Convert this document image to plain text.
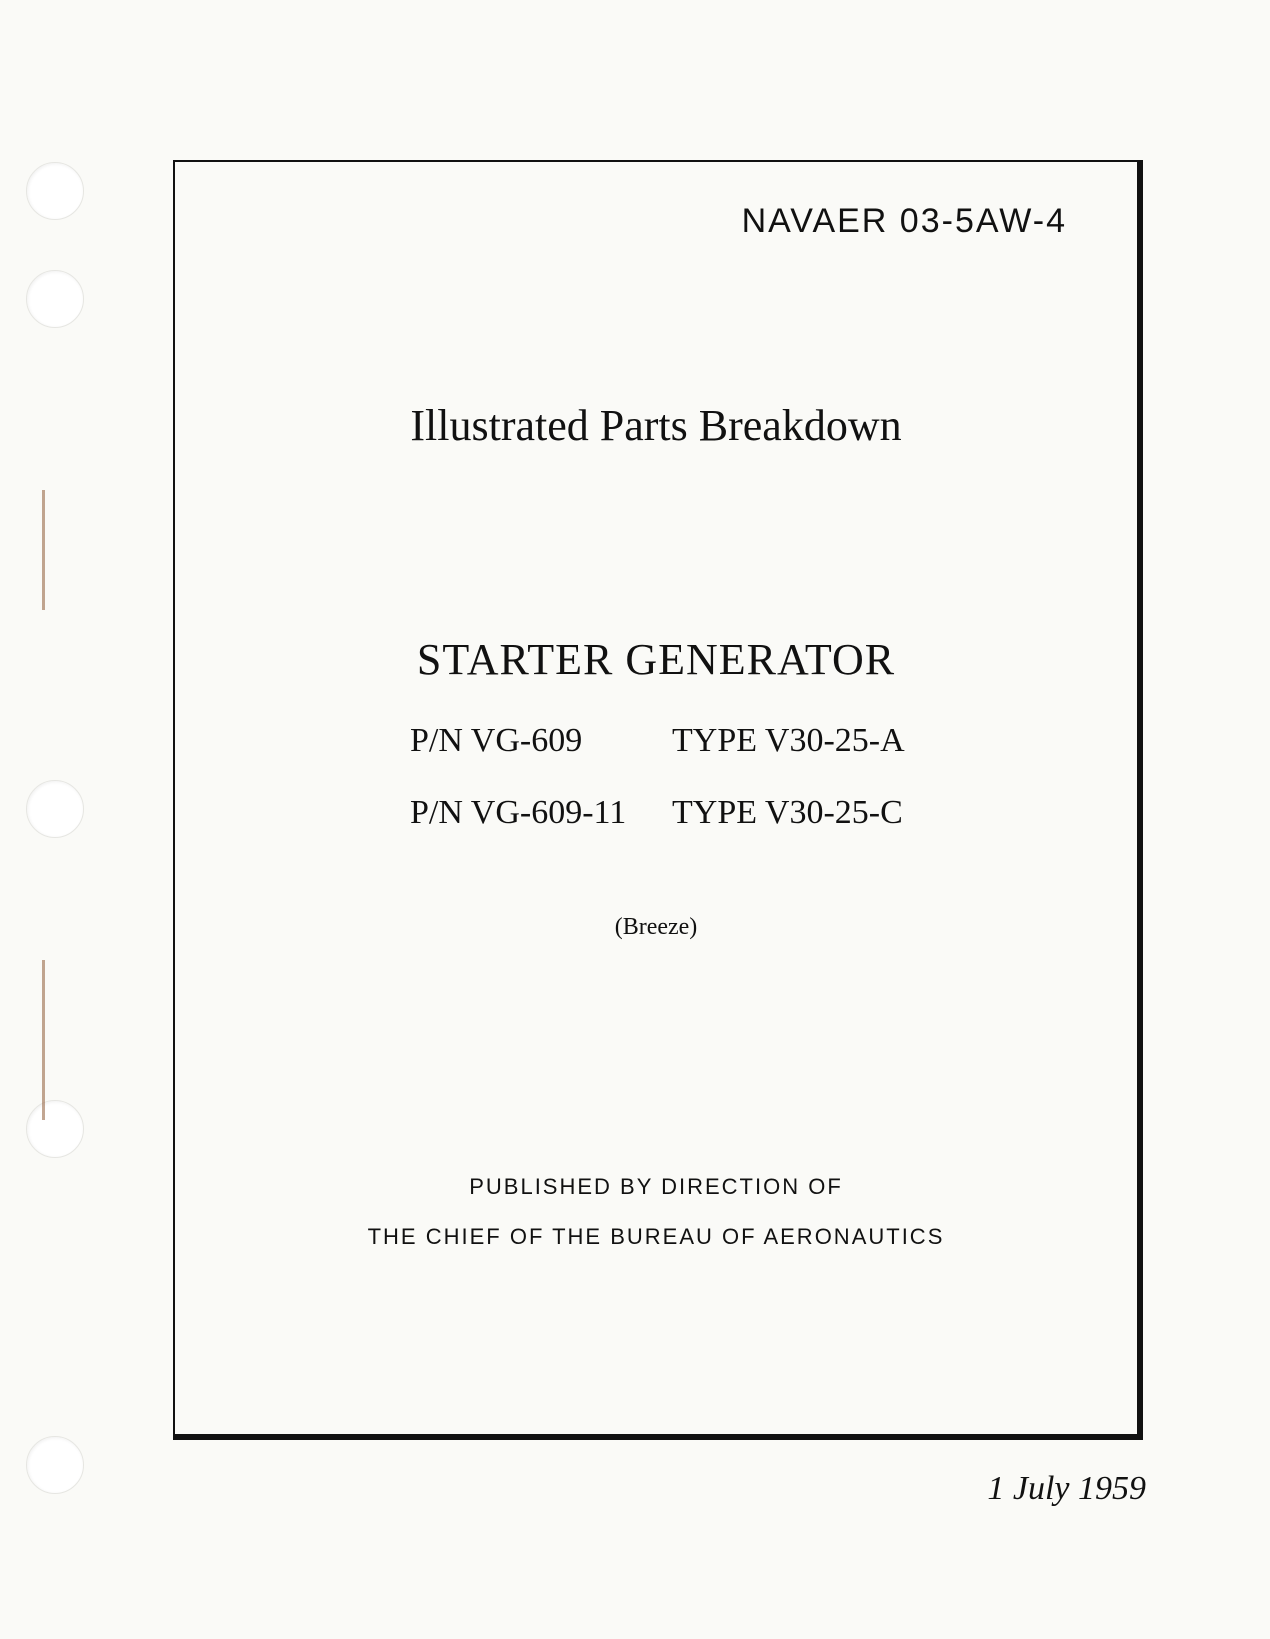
NAVAER 03-5AW-4
Illustrated Parts Breakdown
STARTER GENERATOR
P/N VG-609	TYPE V30-25-A
P/N VG-609-11	TYPE V30-25-C

(Breeze)

PUBLISHED BY DIRECTION OF

THE CHIEF OF THE BUREAU OF AERONAUTICS

1 July 1959
